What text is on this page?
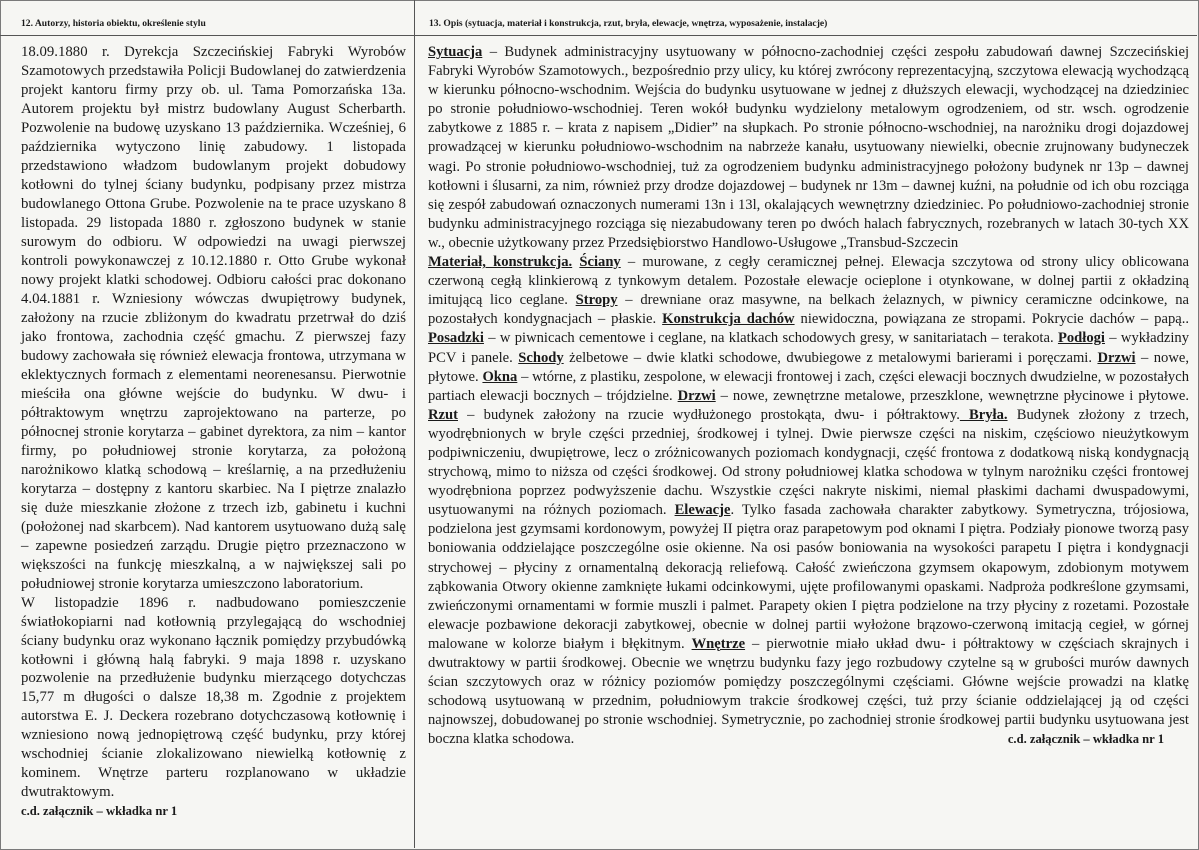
12. Autorzy, historia obiektu, określenie stylu	13. Opis (sytuacja, materiał i konstrukcja, rzut, bryła, elewacje, wnętrza, wyposażenie, instalacje)
18.09.1880 r. Dyrekcja Szczecińskiej Fabryki Wyrobów Szamotowych przedstawiła Policji Budowlanej do zatwierdzenia projekt kantoru firmy przy ob. ul. Tama Pomorzańska 13a. Autorem projektu był mistrz budowlany August Scherbarth. Pozwolenie na budowę uzyskano 13 października. Wcześniej, 6 października wytyczono linię zabudowy. 1 listopada przedstawiono władzom budowlanym projekt dobudowy kotłowni do tylnej ściany budynku, podpisany przez mistrza budowlanego Ottona Grube. Pozwolenie na te prace uzyskano 8 listopada. 29 listopada 1880 r. zgłoszono budynek w stanie surowym do odbioru. W odpowiedzi na uwagi pierwszej kontroli powykonawczej z 10.12.1880 r. Otto Grube wykonał nowy projekt klatki schodowej. Odbioru całości prac dokonano 4.04.1881 r. Wzniesiony wówczas dwupiętrowy budynek, założony na rzucie zbliżonym do kwadratu przetrwał do dziś jako frontowa, zachodnia część gmachu. Z pierwszej fazy budowy zachowała się również elewacja frontowa, utrzymana w eklektycznych formach z elementami neorenesansu. Pierwotnie mieściła ona główne wejście do budynku. W dwu- i półtraktowym wnętrzu zaprojektowano na parterze, po północnej stronie korytarza – gabinet dyrektora, za nim – kantor firmy, po południowej stronie korytarza, za położoną narożnikowo klatką schodową – kreślarnię, a na przedłużeniu korytarza – dostępny z kantoru skarbiec. Na I piętrze znalazło się duże mieszkanie złożone z trzech izb, gabinetu i kuchni (położonej nad skarbcem). Nad kantorem usytuowano dużą salę – zapewne posiedzeń zarządu. Drugie piętro przeznaczono w większości na funkcję mieszkalną, a w największej sali po południowej stronie korytarza umieszczono laboratorium.
W listopadzie 1896 r. nadbudowano pomieszczenie światłokopiarni nad kotłownią przylegającą do wschodniej ściany budynku oraz wykonano łącznik pomiędzy przybudówką kotłowni i główną halą fabryki. 9 maja 1898 r. uzyskano pozwolenie na przedłużenie budynku mierzącego dotychczas 15,77 m długości o dalsze 18,38 m. Zgodnie z projektem autorstwa E. J. Deckera rozebrano dotychczasową kotłownię i wzniesiono nową jednopiętrową część budynku, przy której wschodniej ścianie zlokalizowano niewielką kotłownię z kominem. Wnętrze parteru rozplanowano w układzie dwutraktowym.
c.d. załącznik – wkładka nr 1
Sytuacja – Budynek administracyjny usytuowany w północno-zachodniej części zespołu zabudowań dawnej Szczecińskiej Fabryki Wyrobów Szamotowych., bezpośrednio przy ulicy, ku której zwrócony reprezentacyjną, szczytowa elewacją wychodzącą w kierunku północno-wschodnim. Wejścia do budynku usytuowane w jednej z dłuższych elewacji, wychodzącej na dziedziniec po stronie południowo-wschodniej. Teren wokół budynku wydzielony metalowym ogrodzeniem, od str. wsch. ogrodzenie zabytkowe z 1885 r. – krata z napisem „Didier” na słupkach. Po stronie północno-wschodniej, na narożniku drogi dojazdowej prowadzącej w kierunku południowo-wschodnim na nabrzeże kanału, usytuowany niewielki, obecnie zrujnowany budyneczek wagi. Po stronie południowo-wschodniej, tuż za ogrodzeniem budynku administracyjnego położony budynek nr 13p – dawnej kotłowni i ślusarni, za nim, również przy drodze dojazdowej – budynek nr 13m – dawnej kuźni, na południe od ich obu rozciąga się zespół zabudowań oznaczonych numerami 13n i 13l, okalających wewnętrzny dziedziniec. Po południowo-zachodniej stronie budynku administracyjnego rozciąga się niezabudowany teren po dwóch halach fabrycznych, rozebranych w latach 30-tych XX w., obecnie użytkowany przez Przedsiębiorstwo Handlowo-Usługowe „Transbud-Szczecin
Materiał, konstrukcja. Ściany – murowane, z cegły ceramicznej pełnej. Elewacja szczytowa od strony ulicy oblicowana czerwoną cegłą klinkierową z tynkowym detalem. Pozostałe elewacje ocieplone i otynkowane, w dolnej partii z okładziną imitującą lico ceglane. Stropy – drewniane oraz masywne, na belkach żelaznych, w piwnicy ceramiczne odcinkowe, na pozostałych kondygnacjach – płaskie. Konstrukcja dachów niewidoczna, powiązana ze stropami. Pokrycie dachów – papą.. Posadzki – w piwnicach cementowe i ceglane, na klatkach schodowych gresy, w sanitariatach – terakota. Podłogi – wykładziny PCV i panele. Schody żelbetowe – dwie klatki schodowe, dwubiegowe z metalowymi barierami i poręczami. Drzwi – nowe, płytowe. Okna – wtórne, z plastiku, zespolone, w elewacji frontowej i zach, części elewacji bocznych dwudzielne, w pozostałych partiach elewacji bocznych – trójdzielne. Drzwi – nowe, zewnętrzne metalowe, przeszklone, wewnętrzne płycinowe i płytowe. Rzut – budynek założony na rzucie wydłużonego prostokąta, dwu- i półtraktowy. Bryła. Budynek złożony z trzech, wyodrębnionych w bryle części przedniej, środkowej i tylnej. Dwie pierwsze części na niskim, częściowo nieużytkowym podpiwniczeniu, dwupiętrowe, lecz o zróżnicowanych poziomach kondygnacji, część frontowa z dodatkową niską kondygnacją strychową, mimo to niższa od części środkowej. Od strony południowej klatka schodowa w tylnym narożniku części frontowej wyodrębniona poprzez podwyższenie dachu. Wszystkie części nakryte niskimi, niemal płaskimi dachami dwuspadowymi, usytuowanymi na różnych poziomach. Elewacje. Tylko fasada zachowała charakter zabytkowy. Symetryczna, trójosiowa, podzielona jest gzymsami kordonowym, powyżej II piętra oraz parapetowym pod oknami I piętra. Podziały pionowe tworzą pasy boniowania oddzielające poszczególne osie okienne. Na osi pasów boniowania na wysokości parapetu I piętra i kondygnacji strychowej – płyciny z ornamentalną dekoracją reliefową. Całość zwieńczona gzymsem okapowym, zdobionym motywem ząbkowania Otwory okienne zamknięte łukami odcinkowymi, ujęte profilowanymi opaskami. Nadproża podkreślone gzymsami, zwieńczonymi ornamentami w formie muszli i palmet. Parapety okien I piętra podzielone na trzy płyciny z rozetami. Pozostałe elewacje pozbawione dekoracji zabytkowej, obecnie w dolnej partii wyłożone brązowo-czerwoną imitacją cegieł, w górnej malowane w kolorze białym i błękitnym. Wnętrze – pierwotnie miało układ dwu- i półtraktowy w częściach skrajnych i dwutraktowy w partii środkowej. Obecnie we wnętrzu budynku fazy jego rozbudowy czytelne są w grubości murów dawnych ścian szczytowych oraz w różnicy poziomów pomiędzy poszczególnymi częściami. Główne wejście prowadzi na klatkę schodową usytuowaną w przednim, południowym trakcie środkowej części, tuż przy ścianie oddzielającej ją od części najnowszej, dobudowanej po stronie wschodniej. Symetrycznie, po zachodniej stronie środkowej partii budynku usytuowana jest boczna klatka schodowa.	c.d. załącznik – wkładka nr 1
